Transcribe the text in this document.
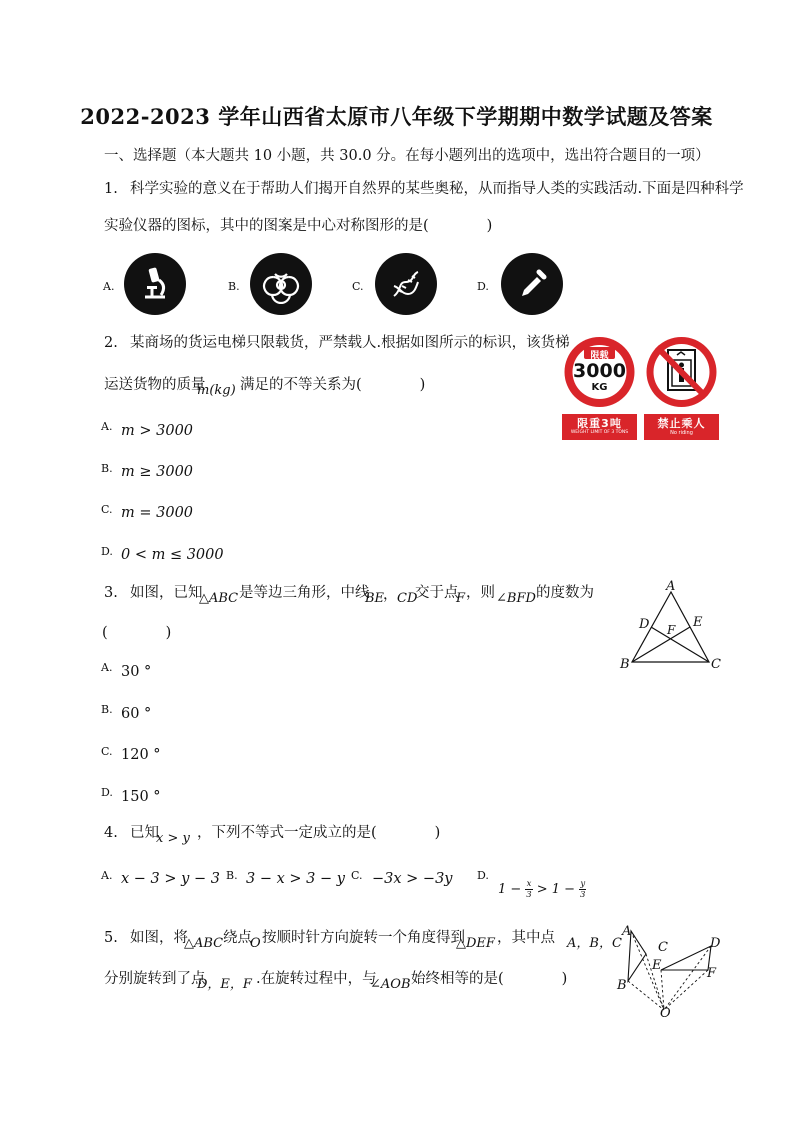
2022-2023 学年山西省太原市八年级下学期期中数学试题及答案
一、选择题（本大题共 10 小题，共 30.0 分。在每小题列出的选项中，选出符合题目的一项）
1. 科学实验的意义在于帮助人们揭开自然界的某些奥秘，从而指导人类的实践活动.下面是四种科学
实验仪器的图标，其中的图案是中心对称图形的是(　　　　)
A.	B.	C.	D.
2. 某商场的货运电梯只限载货，严禁载人.根据如图所示的标识，该货梯
运送货物的质量
m(kg) 满足的不等关系为(　　　　)
限载
3000
KG
限重3吨
WEIGHT LIMIT OF 3 TONS
禁止乘人
No riding
A. m > 3000
B. m ≥ 3000
C. m = 3000
D. 0 < m ≤ 3000
3. 如图，已知
△ABC 是等边三角形，中线
BE
， CD
交于点
F ，则 ∠BFD 的度数为
(　　　　)
A
D	E
F
B	C
A. 30 °
B. 60 °
C. 120 °
D. 150 °
4. 已知
x > y ，下列不等式一定成立的是(　　　　)
A. x − 3 > y − 3 B. 3 − x > 3 − y C. −3x > −3y D.
$1 - \frac{x}{3} > 1 - \frac{y}{3}$
5. 如图，将
△ABC 绕点
O 按顺时针方向旋转一个角度得到
△DEF ，其中点 A，B，C
分别旋转到了点
D，E，F .在旋转过程中，与
∠AOB 始终相等的是(　　　　)
A
C	D
E
F
B
O
